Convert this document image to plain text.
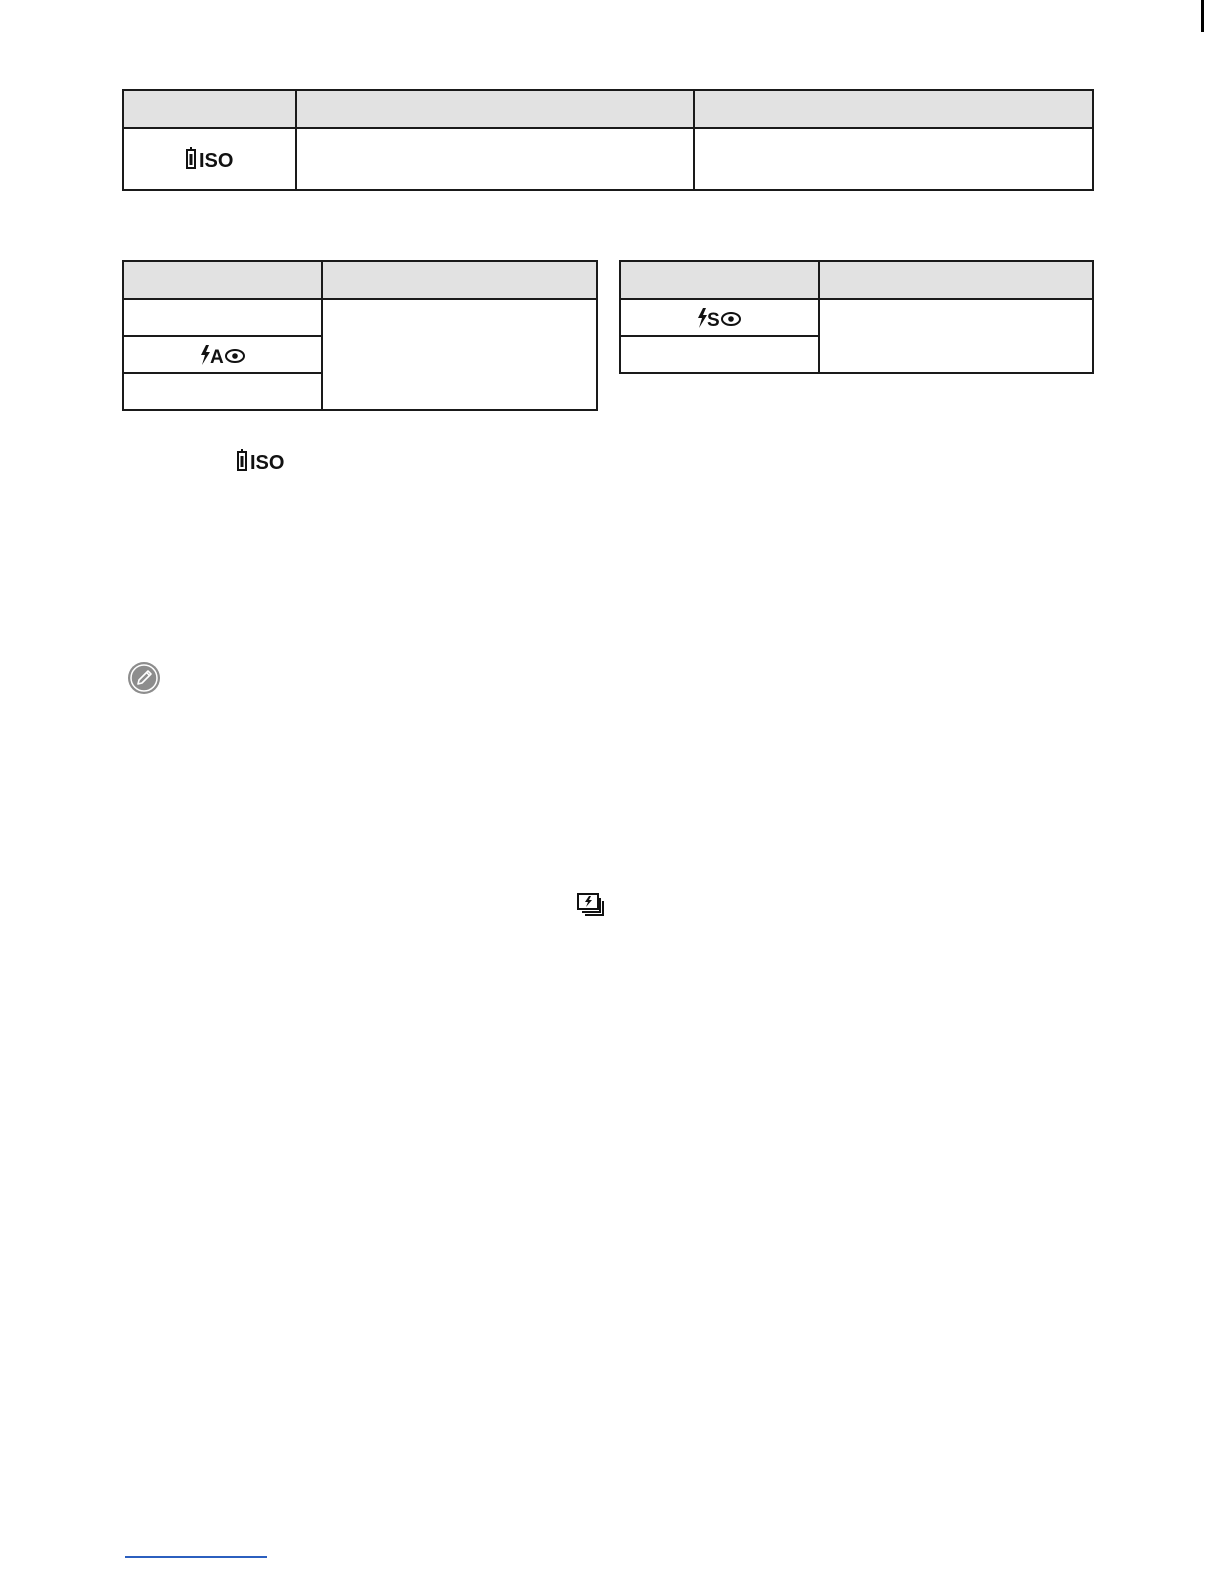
ISO		

A	

S	

ISO
